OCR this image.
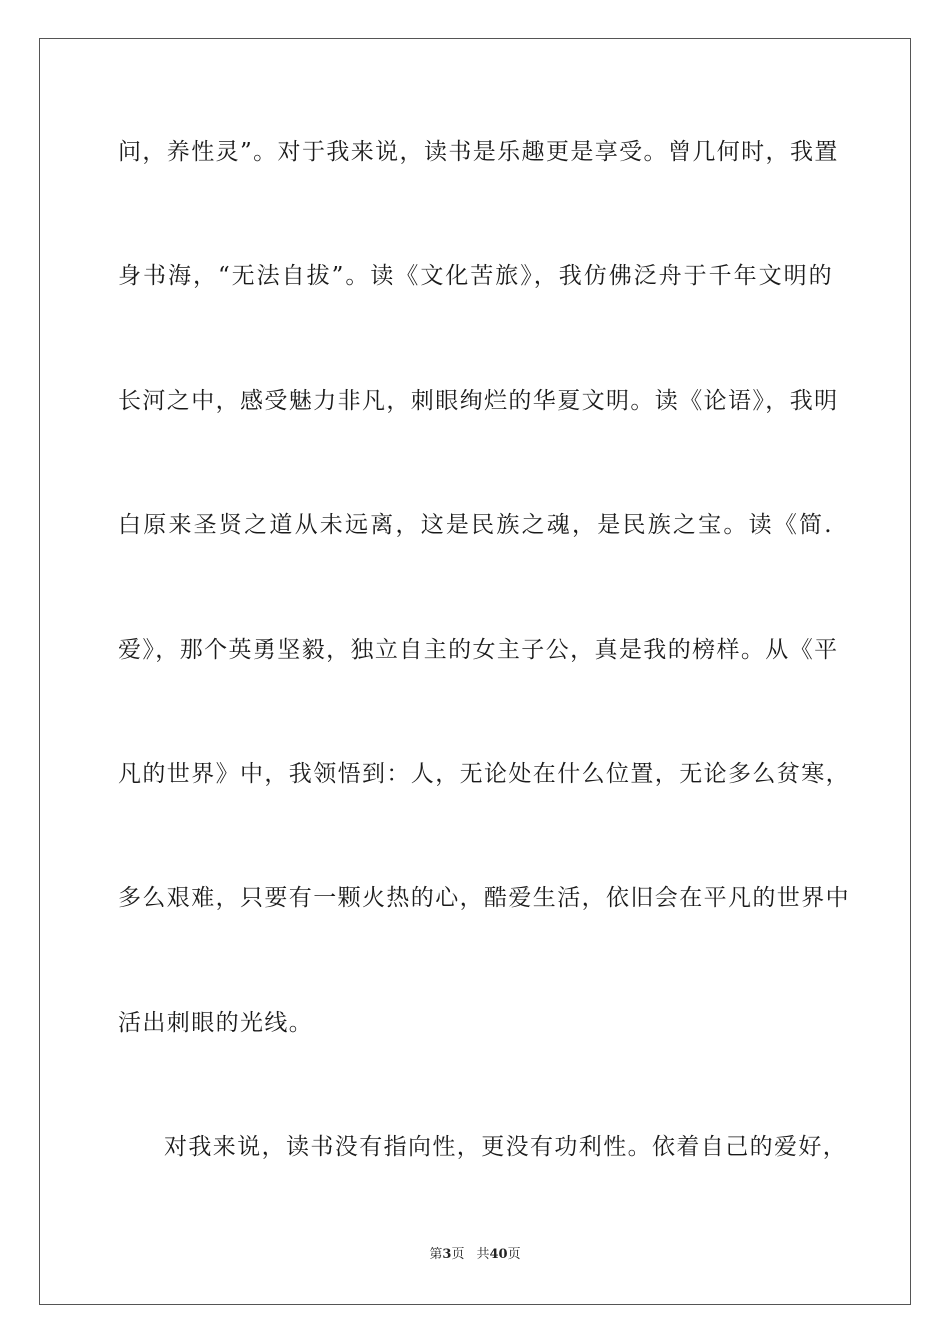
问，养性灵”。对于我来说，读书是乐趣更是享受。曾几何时，我置
身书海，“无法自拔”。读《文化苦旅》，我仿佛泛舟于千年文明的
长河之中，感受魅力非凡，刺眼绚烂的华夏文明。读《论语》，我明
白原来圣贤之道从未远离，这是民族之魂，是民族之宝。读《简.
爱》，那个英勇坚毅，独立自主的女主子公，真是我的榜样。从《平
凡的世界》中，我领悟到：人，无论处在什么位置，无论多么贫寒，
多么艰难，只要有一颗火热的心，酷爱生活，依旧会在平凡的世界中
活出刺眼的光线。
对我来说，读书没有指向性，更没有功利性。依着自己的爱好，
第3页 共40页
